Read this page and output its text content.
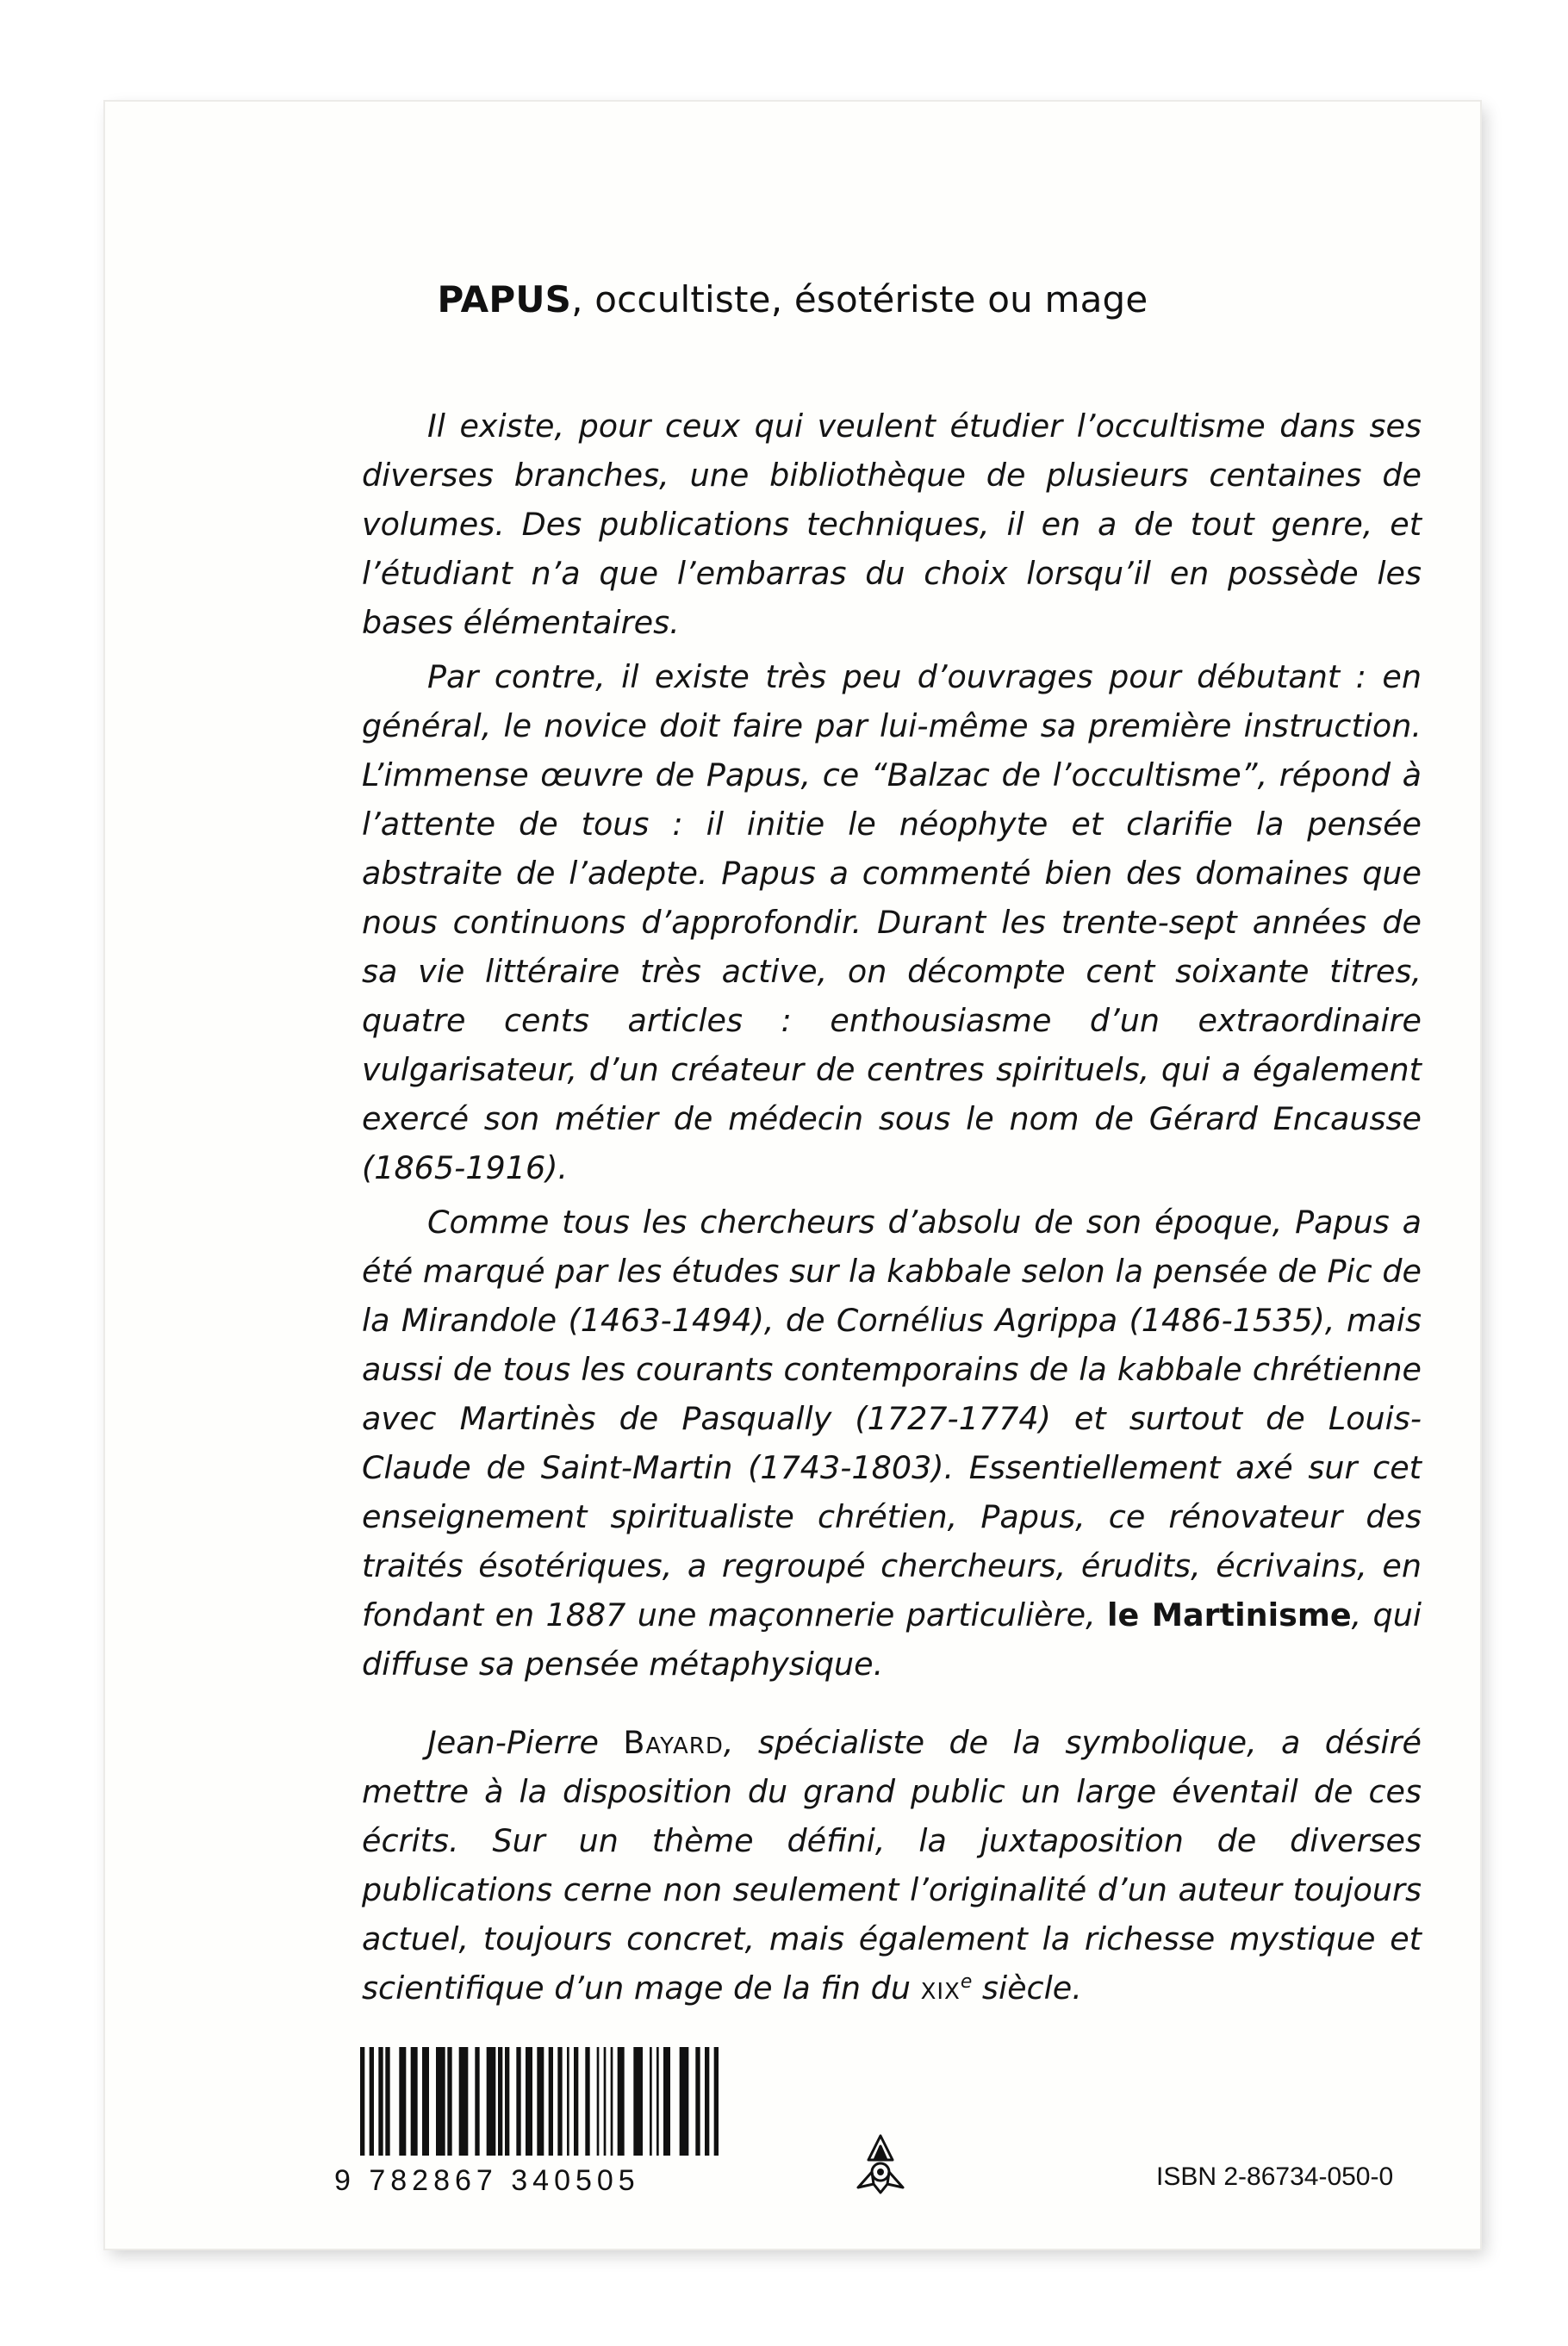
PAPUS, occultiste, ésotériste ou mage

Il existe, pour ceux qui veulent étudier l’occultisme dans ses diverses branches, une bibliothèque de plusieurs centaines de volumes. Des publications techniques, il en a de tout genre, et l’étudiant n’a que l’embarras du choix lorsqu’il en possède les bases élémentaires.

Par contre, il existe très peu d’ouvrages pour débutant : en général, le novice doit faire par lui-même sa première instruction. L’immense œuvre de Papus, ce “Balzac de l’occultisme”, répond à l’attente de tous : il initie le néophyte et clarifie la pensée abstraite de l’adepte. Papus a commenté bien des domaines que nous continuons d’approfondir. Durant les trente-sept années de sa vie littéraire très active, on décompte cent soixante titres, quatre cents articles : enthousiasme d’un extraordinaire vulgarisateur, d’un créateur de centres spirituels, qui a également exercé son métier de médecin sous le nom de Gérard Encausse (1865-1916).

Comme tous les chercheurs d’absolu de son époque, Papus a été marqué par les études sur la kabbale selon la pensée de Pic de la Mirandole (1463-1494), de Cornélius Agrippa (1486-1535), mais aussi de tous les courants contemporains de la kabbale chrétienne avec Martinès de Pasqually (1727-1774) et surtout de Louis-Claude de Saint-Martin (1743-1803). Essentiellement axé sur cet enseignement spiritualiste chrétien, Papus, ce rénovateur des traités ésotériques, a regroupé chercheurs, érudits, écrivains, en fondant en 1887 une maçonnerie particulière, le Martinisme, qui diffuse sa pensée métaphysique.

Jean-Pierre Bayard, spécialiste de la symbolique, a désiré mettre à la disposition du grand public un large éventail de ces écrits. Sur un thème défini, la juxtaposition de diverses publications cerne non seulement l’originalité d’un auteur toujours actuel, toujours concret, mais également la richesse mystique et scientifique d’un mage de la fin du xix$^e$ siècle.

9 782867 340505	ISBN 2-86734-050-0
